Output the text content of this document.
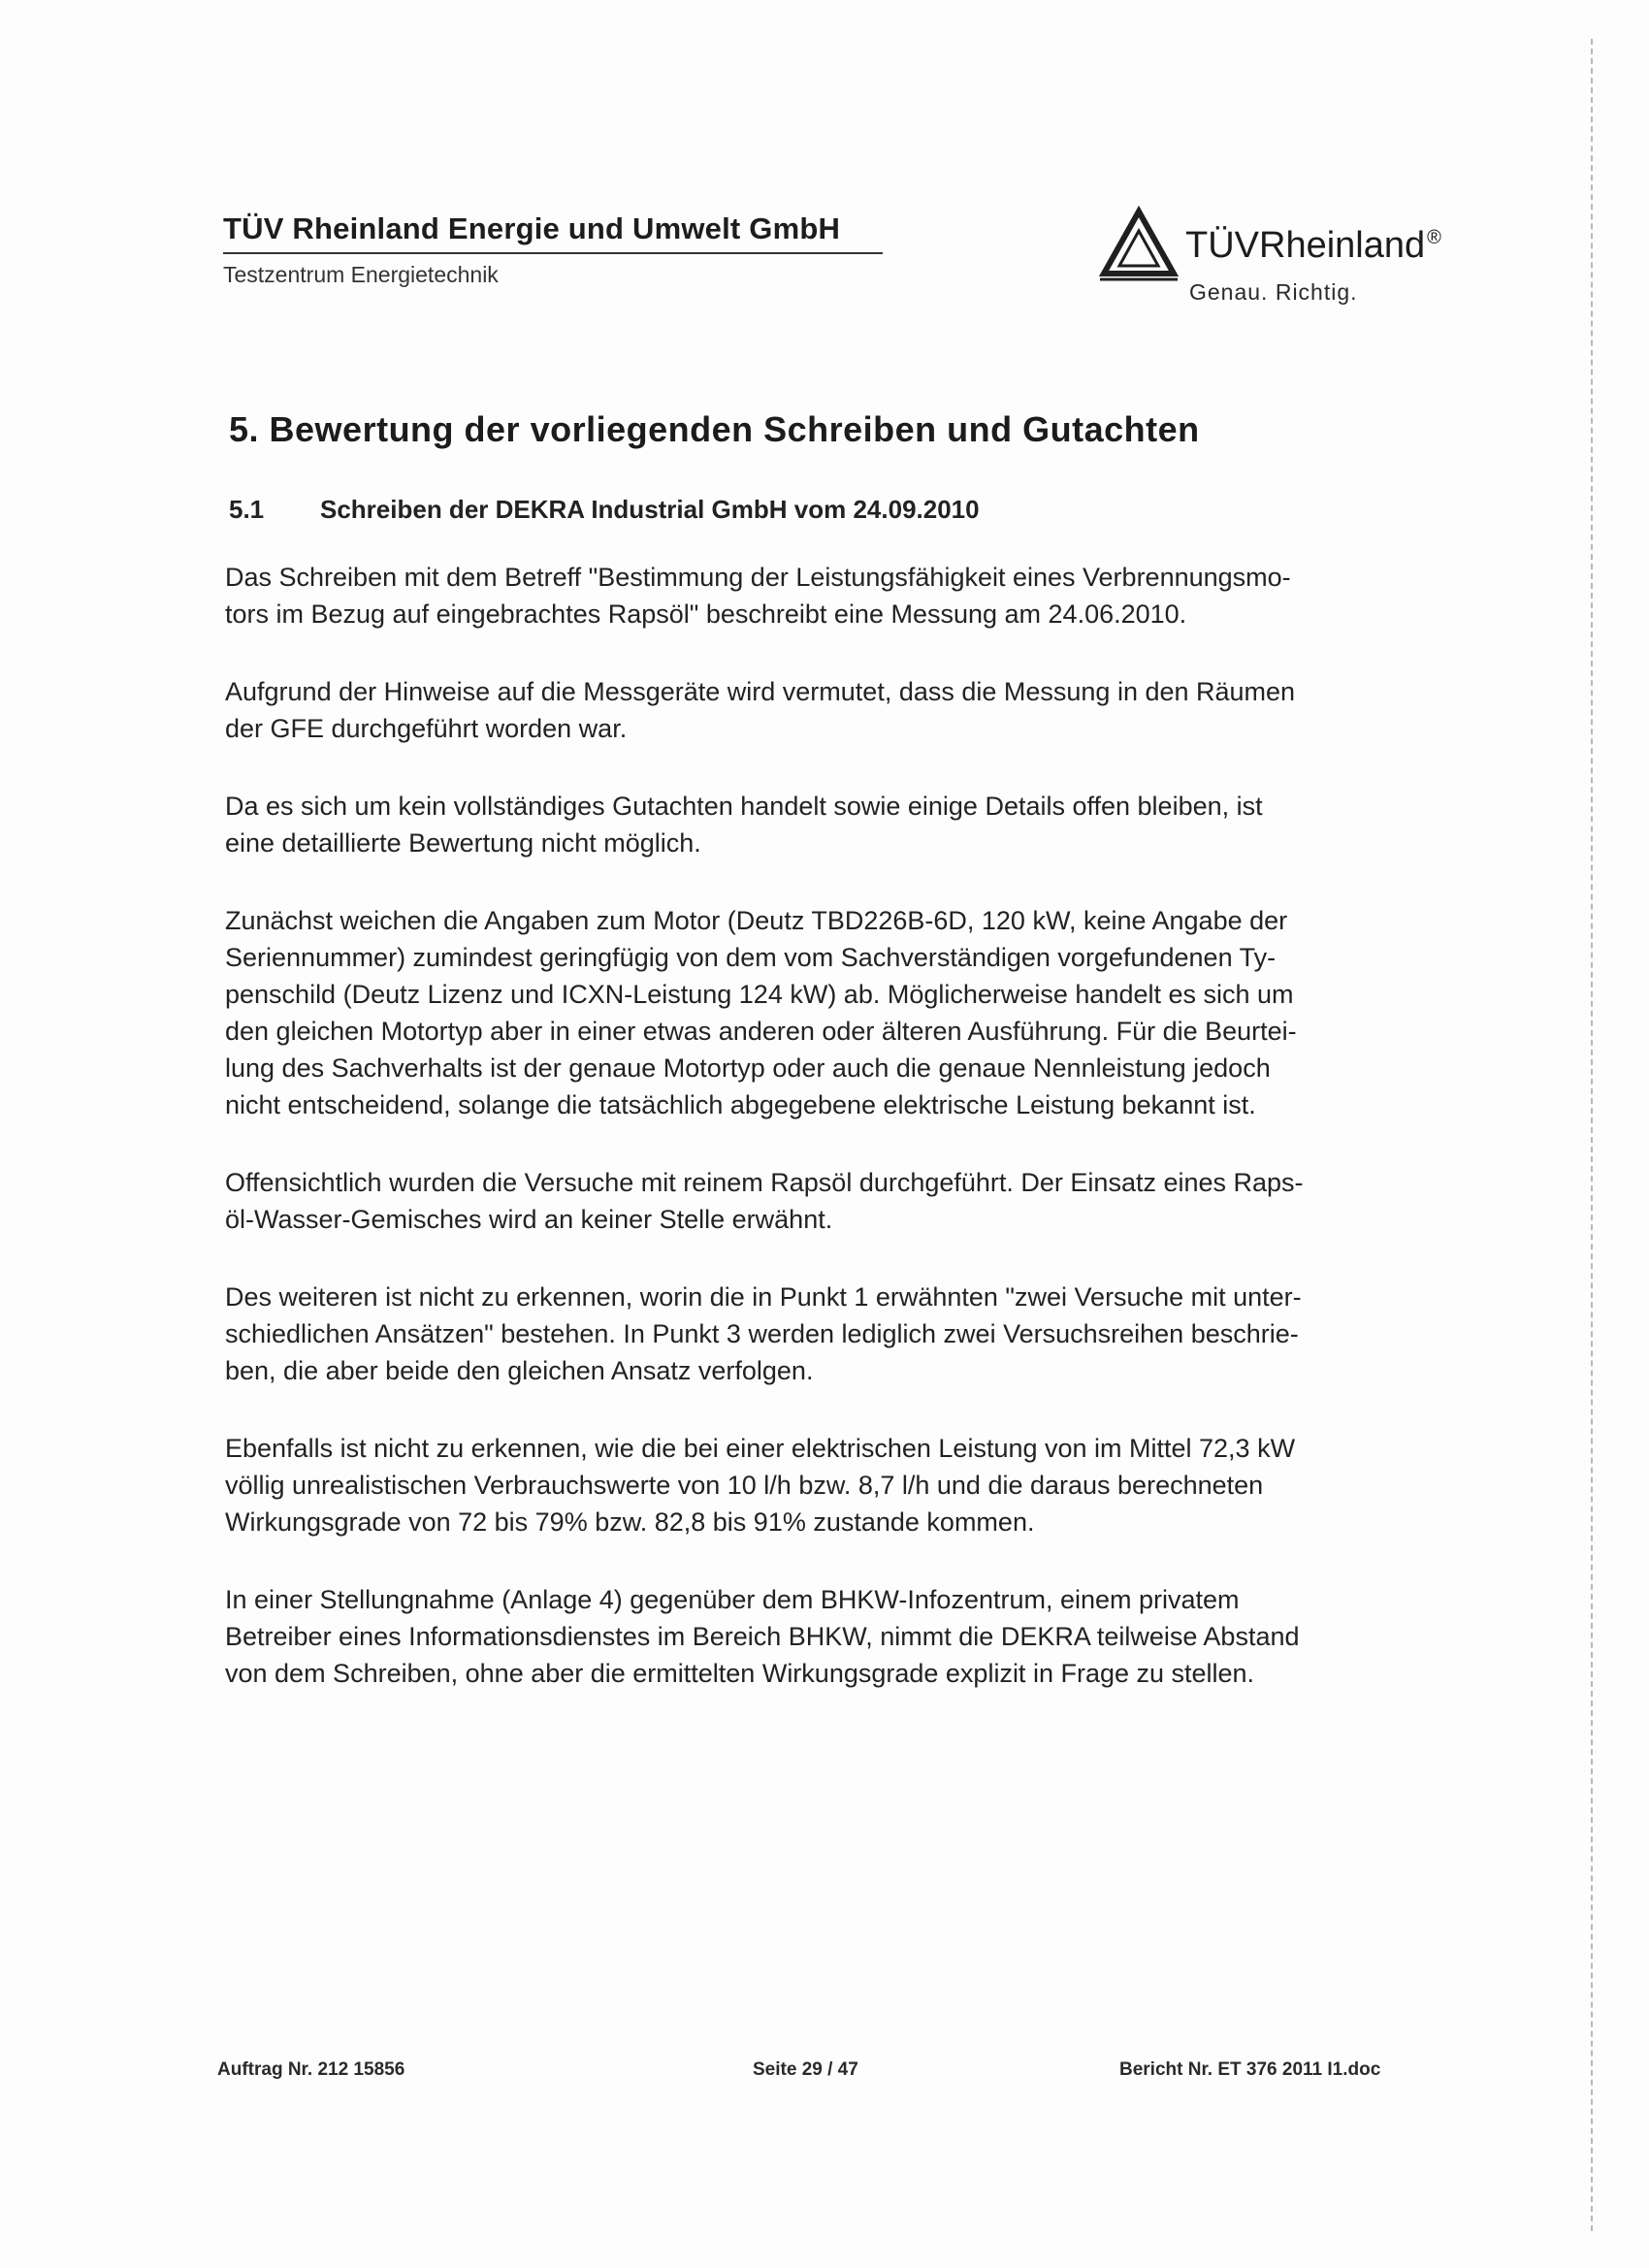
TÜV Rheinland Energie und Umwelt GmbH
Testzentrum Energietechnik
TÜVRheinland ®
Genau. Richtig.
5. Bewertung der vorliegenden Schreiben und Gutachten
5.1 Schreiben der DEKRA Industrial GmbH vom 24.09.2010

Das Schreiben mit dem Betreff "Bestimmung der Leistungsfähigkeit eines Verbrennungsmo-
tors im Bezug auf eingebrachtes Rapsöl" beschreibt eine Messung am 24.06.2010.

Aufgrund der Hinweise auf die Messgeräte wird vermutet, dass die Messung in den Räumen
der GFE durchgeführt worden war.

Da es sich um kein vollständiges Gutachten handelt sowie einige Details offen bleiben, ist
eine detaillierte Bewertung nicht möglich.

Zunächst weichen die Angaben zum Motor (Deutz TBD226B-6D, 120 kW, keine Angabe der
Seriennummer) zumindest geringfügig von dem vom Sachverständigen vorgefundenen Ty-
penschild (Deutz Lizenz und ICXN-Leistung 124 kW) ab. Möglicherweise handelt es sich um
den gleichen Motortyp aber in einer etwas anderen oder älteren Ausführung. Für die Beurtei-
lung des Sachverhalts ist der genaue Motortyp oder auch die genaue Nennleistung jedoch
nicht entscheidend, solange die tatsächlich abgegebene elektrische Leistung bekannt ist.

Offensichtlich wurden die Versuche mit reinem Rapsöl durchgeführt. Der Einsatz eines Raps-
öl-Wasser-Gemisches wird an keiner Stelle erwähnt.

Des weiteren ist nicht zu erkennen, worin die in Punkt 1 erwähnten "zwei Versuche mit unter-
schiedlichen Ansätzen" bestehen. In Punkt 3 werden lediglich zwei Versuchsreihen beschrie-
ben, die aber beide den gleichen Ansatz verfolgen.

Ebenfalls ist nicht zu erkennen, wie die bei einer elektrischen Leistung von im Mittel 72,3 kW
völlig unrealistischen Verbrauchswerte von 10 l/h bzw. 8,7 l/h und die daraus berechneten
Wirkungsgrade von 72 bis 79% bzw. 82,8 bis 91% zustande kommen.

In einer Stellungnahme (Anlage 4) gegenüber dem BHKW-Infozentrum, einem privatem
Betreiber eines Informationsdienstes im Bereich BHKW, nimmt die DEKRA teilweise Abstand
von dem Schreiben, ohne aber die ermittelten Wirkungsgrade explizit in Frage zu stellen.

Auftrag Nr. 212 15856	Seite 29 / 47	Bericht Nr. ET 376 2011 I1.doc
